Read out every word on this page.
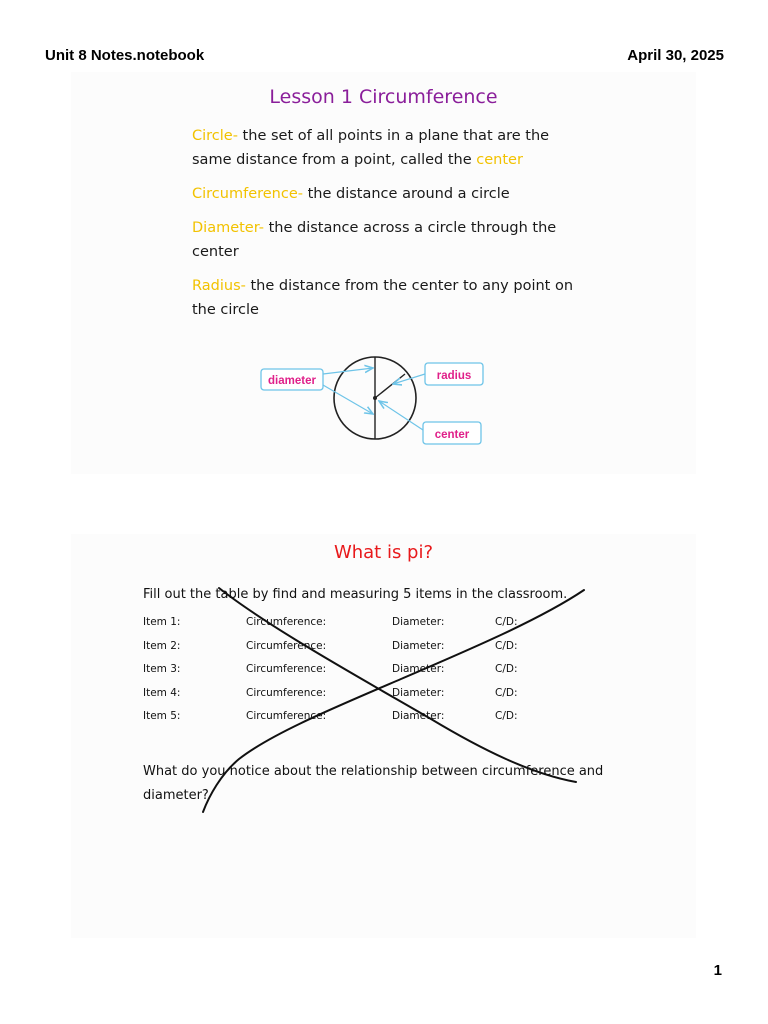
Unit 8 Notes.notebook	April 30, 2025
Lesson 1 Circumference

Circle- the set of all points in a plane that are the same distance from a point, called the center

Circumference- the distance around a circle

Diameter- the distance across a circle through the center

Radius- the distance from the center to any point on the circle

diameter	radius
center
What is pi?
Fill out the table by find and measuring 5 items in the classroom.
Item 1:	Circumference:	Diameter:	C/D:
Item 2:	Circumference:	Diameter:	C/D:
Item 3:	Circumference:	Diameter:	C/D:
Item 4:	Circumference:	Diameter:	C/D:
Item 5:	Circumference:	Diameter:	C/D:
What do you notice about the relationship between circumference and diameter?
1
